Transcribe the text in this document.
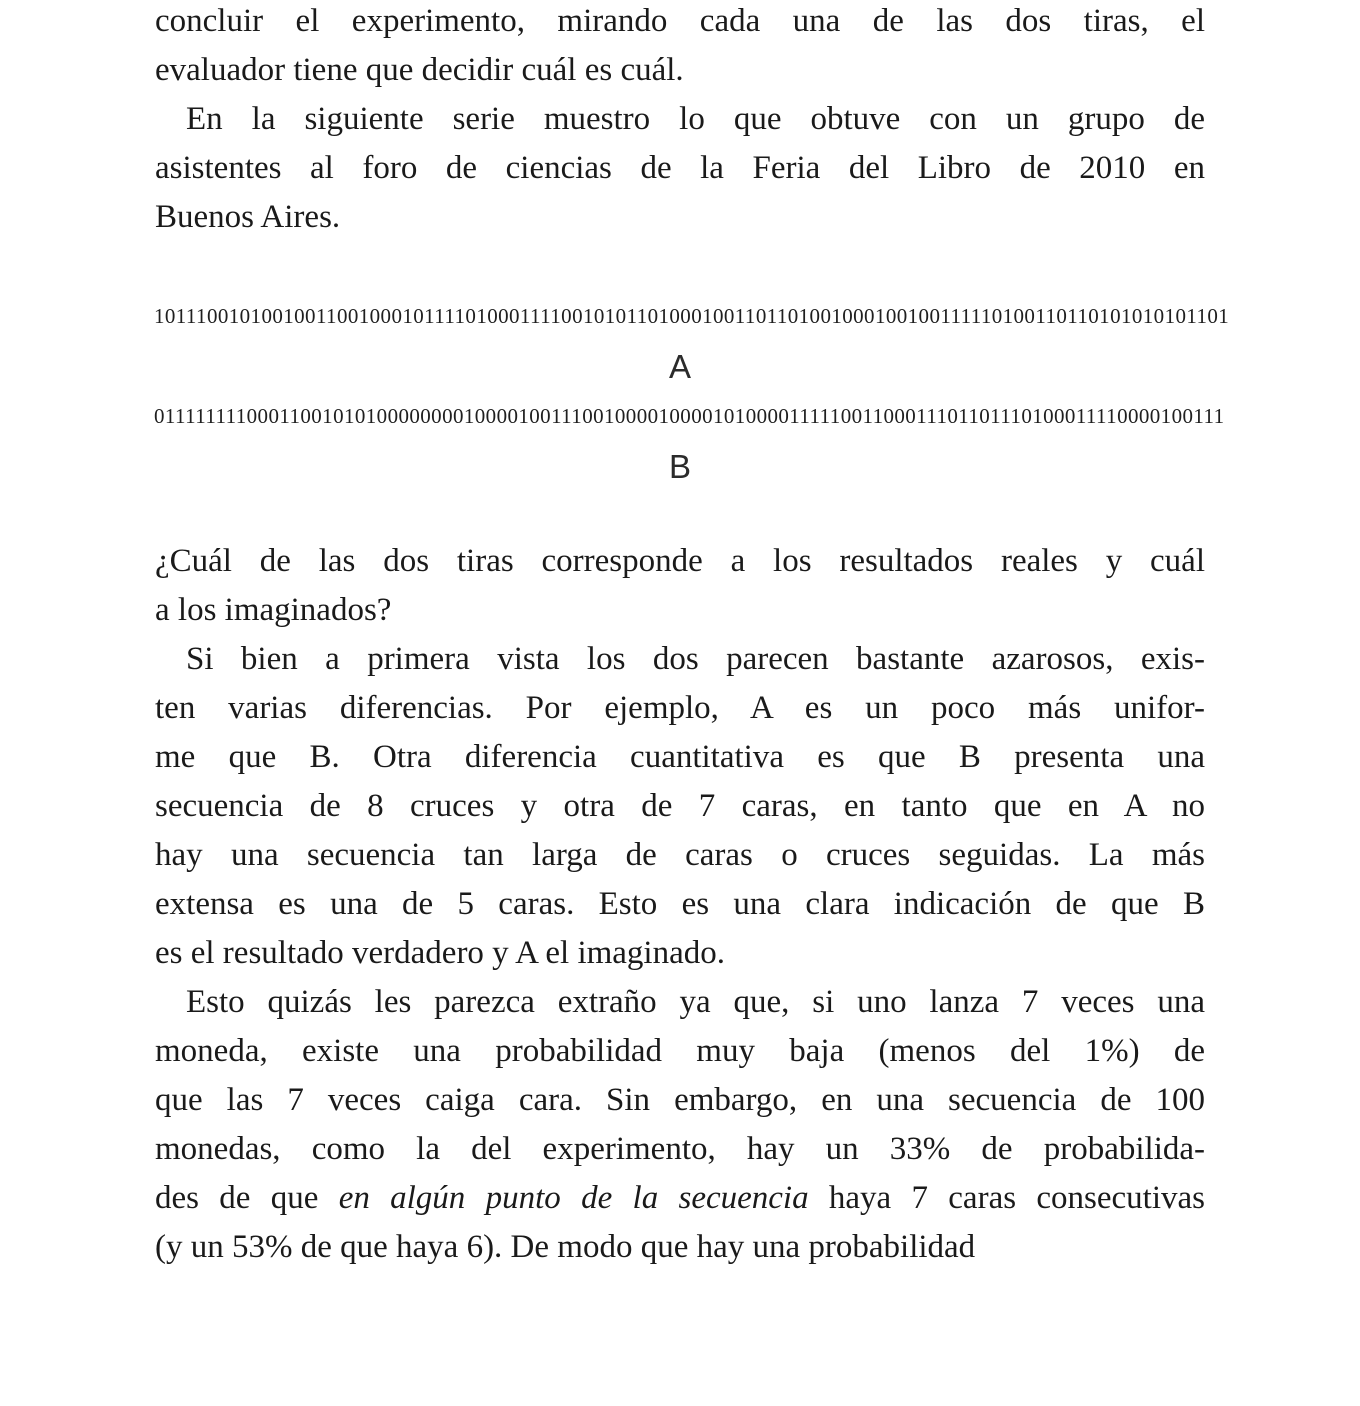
concluir el experimento, mirando cada una de las dos tiras, el
evaluador tiene que decidir cuál es cuál.
En la siguiente serie muestro lo que obtuve con un grupo de
asistentes al foro de ciencias de la Feria del Libro de 2010 en
Buenos Aires.
1011100101001001100100010111101000111100101011010001001101101001000100100111110100110110101010101101
A
0111111110001100101010000000010000100111001000010000101000011111001100011101101110100011110000100111
B
¿Cuál de las dos tiras corresponde a los resultados reales y cuál
a los imaginados?
Si bien a primera vista los dos parecen bastante azarosos, exis-
ten varias diferencias. Por ejemplo, A es un poco más unifor-
me que B. Otra diferencia cuantitativa es que B presenta una
secuencia de 8 cruces y otra de 7 caras, en tanto que en A no
hay una secuencia tan larga de caras o cruces seguidas. La más
extensa es una de 5 caras. Esto es una clara indicación de que B
es el resultado verdadero y A el imaginado.
Esto quizás les parezca extraño ya que, si uno lanza 7 veces una
moneda, existe una probabilidad muy baja (menos del 1%) de
que las 7 veces caiga cara. Sin embargo, en una secuencia de 100
monedas, como la del experimento, hay un 33% de probabilida-
des de que en algún punto de la secuencia haya 7 caras consecutivas
(y un 53% de que haya 6). De modo que hay una probabilidad
